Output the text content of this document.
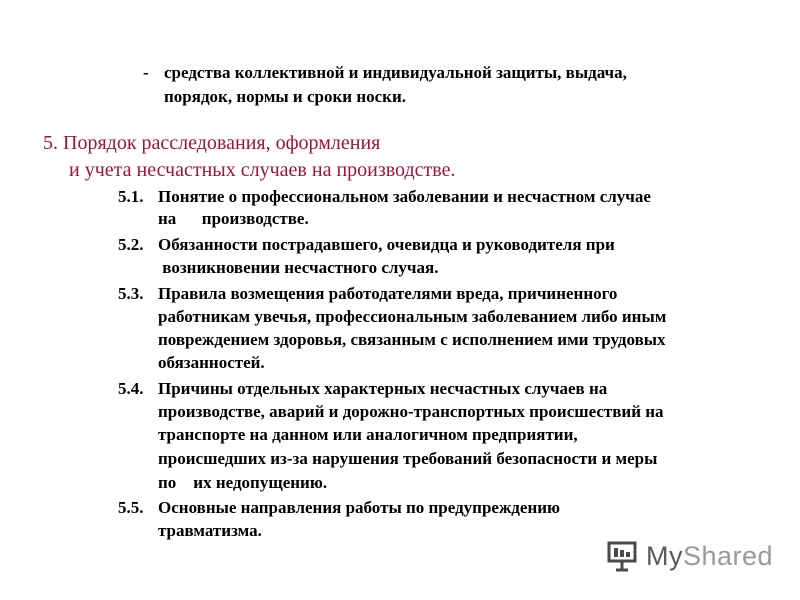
- средства коллективной и индивидуальной защиты, выдача,
порядок, нормы и сроки носки.
5. Порядок расследования, оформления
и учета несчастных случаев на производстве.
5.1. Понятие о профессиональном заболевании и несчастном случае
на      производстве.
5.2. Обязанности пострадавшего, очевидца и руководителя при
возникновении несчастного случая.
5.3. Правила возмещения работодателями вреда, причиненного
работникам увечья, профессиональным заболеванием либо иным
повреждением здоровья, связанным с исполнением ими трудовых
обязанностей.
5.4. Причины отдельных характерных несчастных случаев на
производстве, аварий и дорожно-транспортных происшествий на
транспорте на данном или аналогичном предприятии,
происшедших из-за нарушения требований безопасности и меры
по    их недопущению.
5.5. Основные направления работы по предупреждению
травматизма.
MyShared
